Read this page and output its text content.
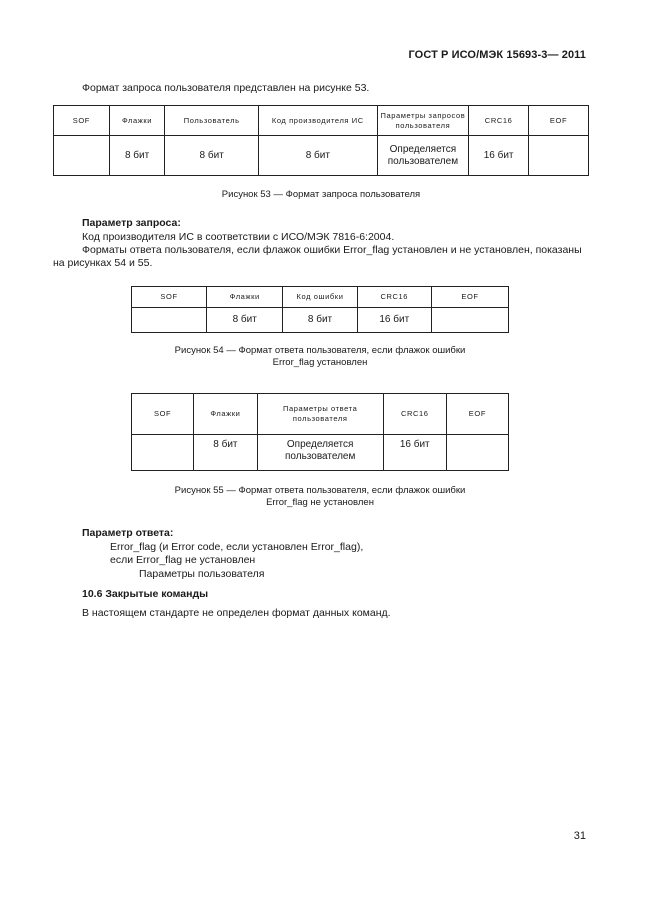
ГОСТ Р ИСО/МЭК 15693-3— 2011
Формат запроса пользователя представлен на рисунке 53.
SOF	Флажки	Пользователь	Код производителя ИС	Параметры запросов пользователя	CRC16	EOF
	8 бит	8 бит	8 бит	Определяется пользователем	16 бит	
Рисунок 53 — Формат запроса пользователя
Параметр запроса:
Код производителя ИС в соответствии с ИСО/МЭК 7816-6:2004.
Форматы ответа пользователя, если флажок ошибки Error_flag установлен и не установлен, показаны
на рисунках 54 и 55.
SOF	Флажки	Код ошибки	CRC16	EOF
	8 бит	8 бит	16 бит	
Рисунок 54 — Формат ответа пользователя, если флажок ошибки
Error_flag установлен
SOF	Флажки	Параметры ответа пользователя	CRC16	EOF
	8 бит	Определяется пользователем	16 бит	
Рисунок 55 — Формат ответа пользователя, если флажок ошибки
Error_flag не установлен
Параметр ответа:
Error_flag (и Error code, если установлен Error_flag),
если Error_flag не установлен
Параметры пользователя
10.6 Закрытые команды
В настоящем стандарте не определен формат данных команд.
31
